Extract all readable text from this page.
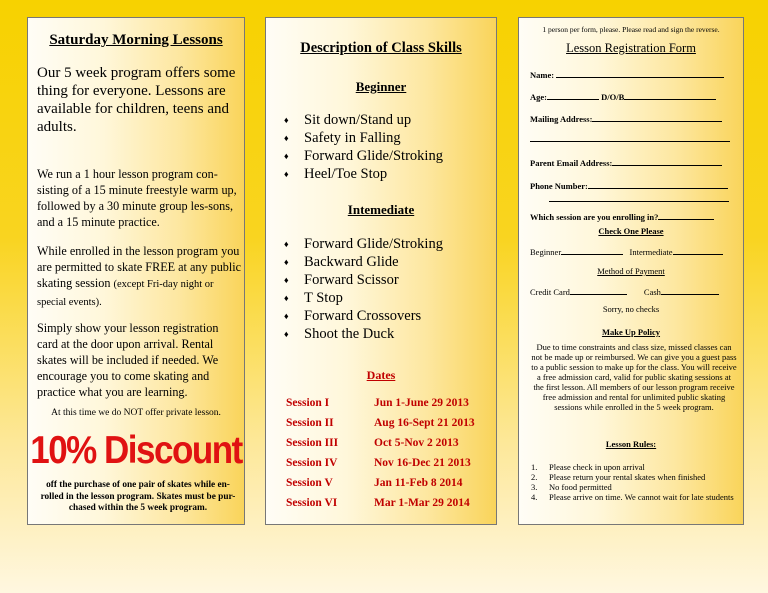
Saturday Morning Lessons
Our 5 week program offers some thing for everyone. Lessons are available for children, teens and adults.
We run a 1 hour lesson program con-sisting of a 15 minute freestyle warm up, followed by a 30 minute group les-sons, and a 15 minute practice.
While enrolled in the lesson program you are permitted to skate FREE at any public skating session (except Fri-day night or special events).
Simply show your lesson registration card at the door upon arrival. Rental skates will be included if needed. We encourage you to come skating and practice what you are learning.
At this time we do NOT offer private lesson.
10% Discount
off the purchase of one pair of skates while en-rolled in the lesson program. Skates must be pur-chased within the 5 week program.
Description of Class Skills
Beginner
♦ Sit down/Stand up
♦ Safety in Falling
♦ Forward Glide/Stroking
♦ Heel/Toe Stop
Intemediate
♦ Forward Glide/Stroking
♦ Backward Glide
♦ Forward Scissor
♦ T Stop
♦ Forward Crossovers
♦ Shoot the Duck
Dates
Session I	Jun 1-June 29 2013
Session II	Aug 16-Sept 21 2013
Session III	Oct 5-Nov 2 2013
Session IV	Nov 16-Dec 21 2013
Session V	Jan 11-Feb 8 2014
Session VI	Mar 1-Mar 29 2014
1 person per form, please. Please read and sign the reverse.
Lesson Registration Form
Name:
Age:	D/O/B
Mailing Address:
Parent Email Address:
Phone Number:
Which session are you enrolling in?
Check One Please
Beginner	Intermediate
Method of Payment
Credit Card	Cash
Sorry, no checks
Make Up Policy
Due to time constraints and class size, missed classes can not be made up or reimbursed. We can give you a guest pass to a public session to make up for the class. You will receive a free admission card, valid for public skating sessions at the first lesson. All members of our lesson program receive free admission and rental for unlimited public skating sessions while enrolled in the 5 week program.
Lesson Rules:
1.	Please check in upon arrival
2.	Please return your rental skates when finished
3.	No food permitted
4.	Please arrive on time. We cannot wait for late students
